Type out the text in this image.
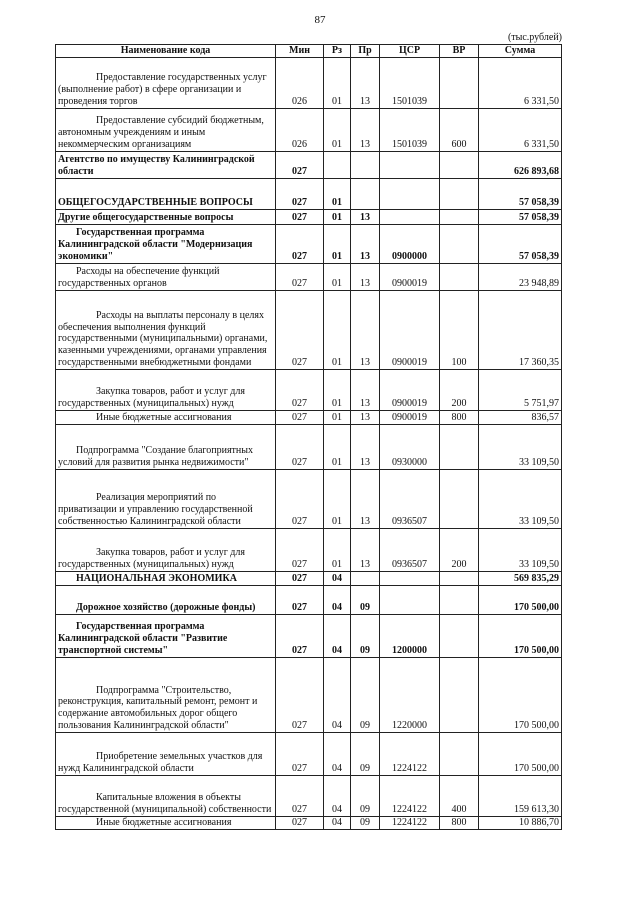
87
(тыс.рублей)
Наименование кода	Мин	Рз	Пр	ЦСР	ВР	Сумма
Предоставление государственных услуг (выполнение работ) в сфере организации и проведения торгов	026	01	13	1501039		6 331,50
Предоставление субсидий бюджетным, автономным учреждениям и иным некоммерческим организациям	026	01	13	1501039	600	6 331,50
Агентство по имуществу Калининградской области	027					626 893,68
ОБЩЕГОСУДАРСТВЕННЫЕ ВОПРОСЫ	027	01				57 058,39
Другие общегосударственные вопросы	027	01	13			57 058,39
Государственная программа Калининградской области "Модернизация экономики"	027	01	13	0900000		57 058,39
Расходы на обеспечение функций государственных органов	027	01	13	0900019		23 948,89
Расходы на выплаты персоналу в целях обеспечения выполнения функций государственными (муниципальными) органами, казенными учреждениями, органами управления государственными внебюджетными фондами	027	01	13	0900019	100	17 360,35
Закупка товаров, работ и услуг для государственных (муниципальных) нужд	027	01	13	0900019	200	5 751,97
Иные бюджетные ассигнования	027	01	13	0900019	800	836,57
Подпрограмма "Создание благоприятных условий для развития рынка недвижимости"	027	01	13	0930000		33 109,50
Реализация мероприятий по приватизации и управлению государственной собственностью Калининградской области	027	01	13	0936507		33 109,50
Закупка товаров, работ и услуг для государственных (муниципальных) нужд	027	01	13	0936507	200	33 109,50
НАЦИОНАЛЬНАЯ ЭКОНОМИКА	027	04				569 835,29
Дорожное хозяйство (дорожные фонды)	027	04	09			170 500,00
Государственная программа Калининградской области "Развитие транспортной системы"	027	04	09	1200000		170 500,00
Подпрограмма "Строительство, реконструкция, капитальный ремонт, ремонт и содержание автомобильных дорог общего пользования Калининградской области"	027	04	09	1220000		170 500,00
Приобретение земельных участков для нужд Калининградской области	027	04	09	1224122		170 500,00
Капитальные вложения в объекты государственной (муниципальной) собственности	027	04	09	1224122	400	159 613,30
Иные бюджетные ассигнования	027	04	09	1224122	800	10 886,70
